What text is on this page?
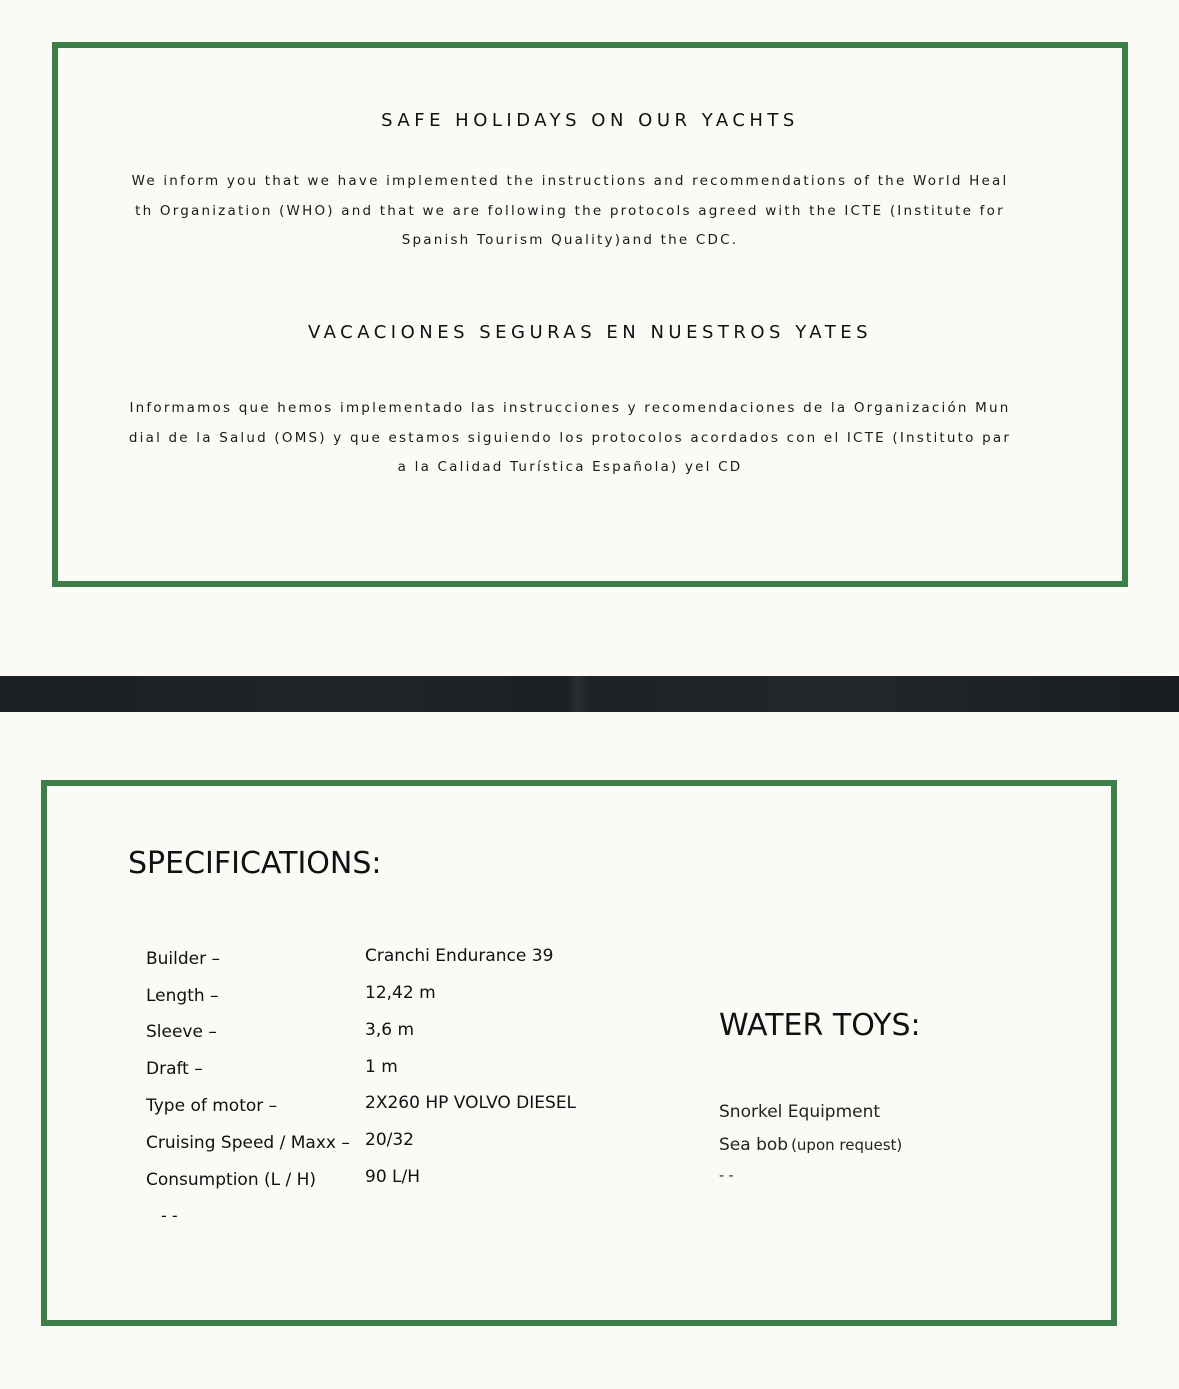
SAFE HOLIDAYS ON OUR YACHTS

We inform you that we have implemented the instructions and recommendations of the World Health Organization (WHO) and that we are following the protocols agreed with the ICTE (Institute for Spanish Tourism Quality)and the CDC.

VACACIONES SEGURAS EN NUESTROS YATES

Informamos que hemos implementado las instrucciones y recomendaciones de la Organización Mundial de la Salud (OMS) y que estamos siguiendo los protocolos acordados con el ICTE (Instituto para la Calidad Turística Española) yel CD

SPECIFICATIONS:
Builder –	Cranchi Endurance 39
Length –	12,42 m
Sleeve –	3,6 m
Draft –	1 m
Type of motor –	2X260 HP VOLVO DIESEL
Cruising Speed / Maxx – 20/32
Consumption (L / H)	90 L/H
- -
WATER TOYS:
Snorkel Equipment
Sea bob (upon request)
- -
